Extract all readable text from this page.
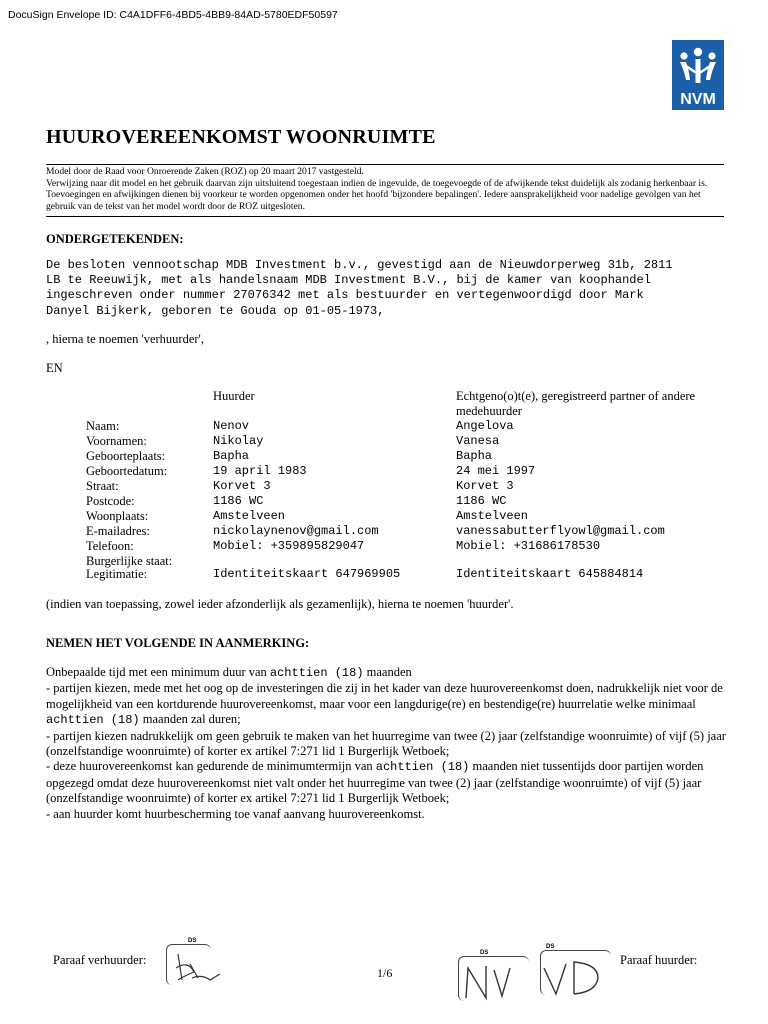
DocuSign Envelope ID: C4A1DFF6-4BD5-4BB9-84AD-5780EDF50597
NVM
HUUROVEREENKOMST WOONRUIMTE
Model door de Raad voor Onroerende Zaken (ROZ) op 20 maart 2017 vastgesteld.
Verwijzing naar dit model en het gebruik daarvan zijn uitsluitend toegestaan indien de ingevulde, de toegevoegde of de afwijkende tekst duidelijk als zodanig herkenbaar is. Toevoegingen en afwijkingen dienen bij voorkeur te worden opgenomen onder het hoofd 'bijzondere bepalingen'. Iedere aansprakelijkheid voor nadelige gevolgen van het gebruik van de tekst van het model wordt door de ROZ uitgesloten.
ONDERGETEKENDEN:
De besloten vennootschap MDB Investment b.v., gevestigd aan de Nieuwdorperweg 31b, 2811
LB te Reeuwijk, met als handelsnaam MDB Investment B.V., bij de kamer van koophandel
ingeschreven onder nummer 27076342 met als bestuurder en vertegenwoordigd door Mark
Danyel Bijkerk, geboren te Gouda op 01-05-1973,
, hierna te noemen 'verhuurder',
EN
Huurder	Echtgeno(o)t(e), geregistreerd partner of andere medehuurder
Naam:	Nenov	Angelova
Voornamen:	Nikolay	Vanesa
Geboorteplaats:	Bapha	Bapha
Geboortedatum:	19 april 1983	24 mei 1997
Straat:	Korvet 3	Korvet 3
Postcode:	1186 WC	1186 WC
Woonplaats:	Amstelveen	Amstelveen
E-mailadres:	nickolaynenov@gmail.com	vanessabutterflyowl@gmail.com
Telefoon:	Mobiel: +359895829047	Mobiel: +31686178530
Burgerlijke staat:
Legitimatie:	Identiteitskaart 647969905	Identiteitskaart 645884814
(indien van toepassing, zowel ieder afzonderlijk als gezamenlijk), hierna te noemen 'huurder'.
NEMEN HET VOLGENDE IN AANMERKING:
Onbepaalde tijd met een minimum duur van achttien (18) maanden
- partijen kiezen, mede met het oog op de investeringen die zij in het kader van deze huurovereenkomst doen, nadrukkelijk niet voor de mogelijkheid van een kortdurende huurovereenkomst, maar voor een langdurige(re) en bestendige(re) huurrelatie welke minimaal achttien (18) maanden zal duren;
- partijen kiezen nadrukkelijk om geen gebruik te maken van het huurregime van twee (2) jaar (zelfstandige woonruimte) of vijf (5) jaar (onzelfstandige woonruimte) of korter ex artikel 7:271 lid 1 Burgerlijk Wetboek;
- deze huurovereenkomst kan gedurende de minimumtermijn van achttien (18) maanden niet tussentijds door partijen worden opgezegd omdat deze huurovereenkomst niet valt onder het huurregime van twee (2) jaar (zelfstandige woonruimte) of vijf (5) jaar (onzelfstandige woonruimte) of korter ex artikel 7:271 lid 1 Burgerlijk Wetboek;
- aan huurder komt huurbescherming toe vanaf aanvang huurovereenkomst.
Paraaf verhuurder:
1/6
Paraaf huurder:
DS
DS
DS
